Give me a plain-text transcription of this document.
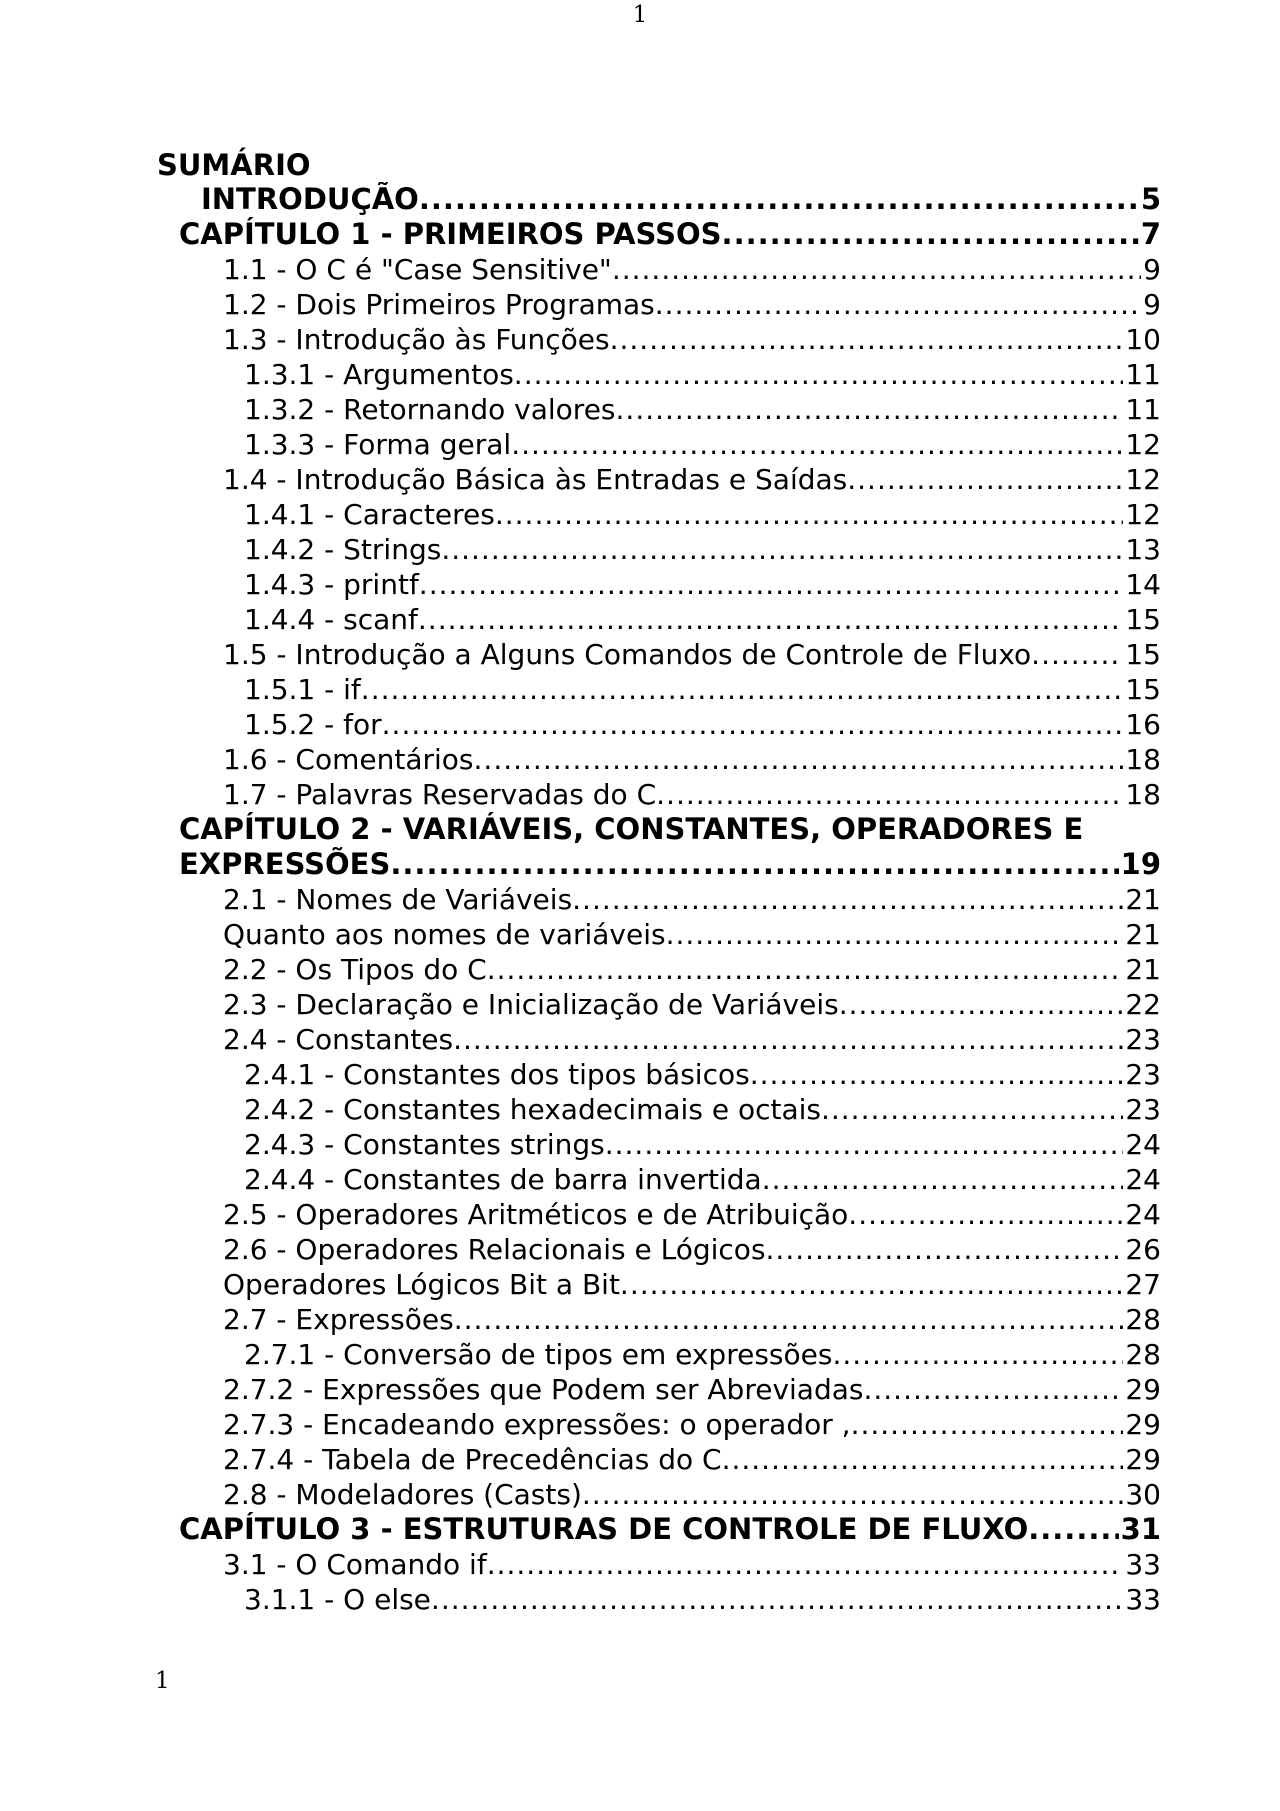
1
SUMÁRIO
INTRODUÇÃO .....	5
CAPÍTULO 1 - PRIMEIROS PASSOS .....	7
1.1 - O C é "Case Sensitive" .....	9
1.2 - Dois Primeiros Programas .....	9
1.3 - Introdução às Funções .....	10
1.3.1 - Argumentos .....	11
1.3.2 - Retornando valores .....	11
1.3.3 - Forma geral .....	12
1.4 - Introdução Básica às Entradas e Saídas .....	12
1.4.1 - Caracteres .....	12
1.4.2 - Strings .....	13
1.4.3 - printf .....	14
1.4.4 - scanf .....	15
1.5 - Introdução a Alguns Comandos de Controle de Fluxo .....	15
1.5.1 - if .....	15
1.5.2 - for .....	16
1.6 - Comentários .....	18
1.7 - Palavras Reservadas do C .....	18
CAPÍTULO 2 - VARIÁVEIS, CONSTANTES, OPERADORES E
EXPRESSÕES .....	19
2.1 - Nomes de Variáveis .....	21
Quanto aos nomes de variáveis .....	21
2.2 - Os Tipos do C .....	21
2.3 - Declaração e Inicialização de Variáveis .....	22
2.4 - Constantes .....	23
2.4.1 - Constantes dos tipos básicos .....	23
2.4.2 - Constantes hexadecimais e octais .....	23
2.4.3 - Constantes strings .....	24
2.4.4 - Constantes de barra invertida .....	24
2.5 - Operadores Aritméticos e de Atribuição .....	24
2.6 - Operadores Relacionais e Lógicos .....	26
Operadores Lógicos Bit a Bit .....	27
2.7 - Expressões .....	28
2.7.1 - Conversão de tipos em expressões .....	28
2.7.2 - Expressões que Podem ser Abreviadas .....	29
2.7.3 - Encadeando expressões: o operador , .....	29
2.7.4 - Tabela de Precedências do C .....	29
2.8 - Modeladores (Casts) .....	30
CAPÍTULO 3 - ESTRUTURAS DE CONTROLE DE FLUXO .....	31
3.1 - O Comando if .....	33
3.1.1 - O else .....	33
1
